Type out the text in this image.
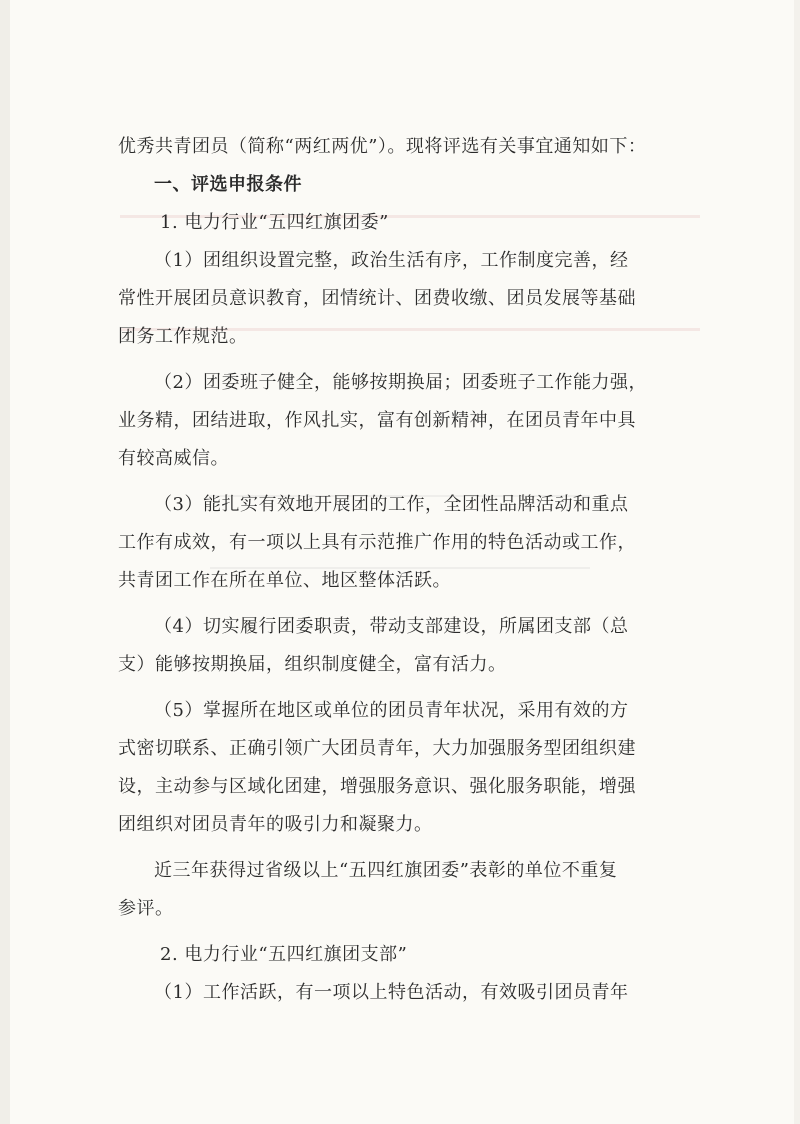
优秀共青团员（简称“两红两优”）。现将评选有关事宜通知如下：
一、评选申报条件
1. 电力行业“五四红旗团委”
（1）团组织设置完整，政治生活有序，工作制度完善，经
常性开展团员意识教育，团情统计、团费收缴、团员发展等基础
团务工作规范。
（2）团委班子健全，能够按期换届；团委班子工作能力强，
业务精，团结进取，作风扎实，富有创新精神，在团员青年中具
有较高威信。
（3）能扎实有效地开展团的工作，全团性品牌活动和重点
工作有成效，有一项以上具有示范推广作用的特色活动或工作，
共青团工作在所在单位、地区整体活跃。
（4）切实履行团委职责，带动支部建设，所属团支部（总
支）能够按期换届，组织制度健全，富有活力。
（5）掌握所在地区或单位的团员青年状况，采用有效的方
式密切联系、正确引领广大团员青年，大力加强服务型团组织建
设，主动参与区域化团建，增强服务意识、强化服务职能，增强
团组织对团员青年的吸引力和凝聚力。
近三年获得过省级以上“五四红旗团委”表彰的单位不重复
参评。
2. 电力行业“五四红旗团支部”
（1）工作活跃，有一项以上特色活动，有效吸引团员青年
